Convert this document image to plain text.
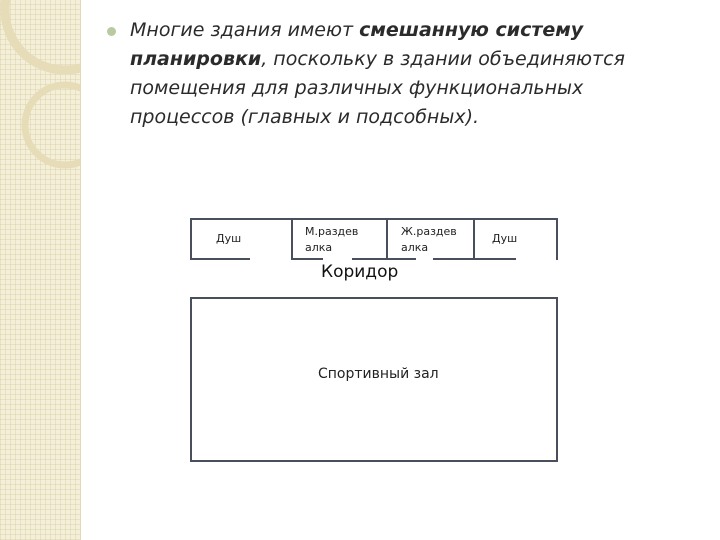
Многие здания имеют смешанную систему планировки, поскольку в здании объединяются помещения для различных функциональных процессов (главных и подсобных).
Душ
М.раздев
алка
Ж.раздев
алка
Душ
Коридор
Спортивный зал
